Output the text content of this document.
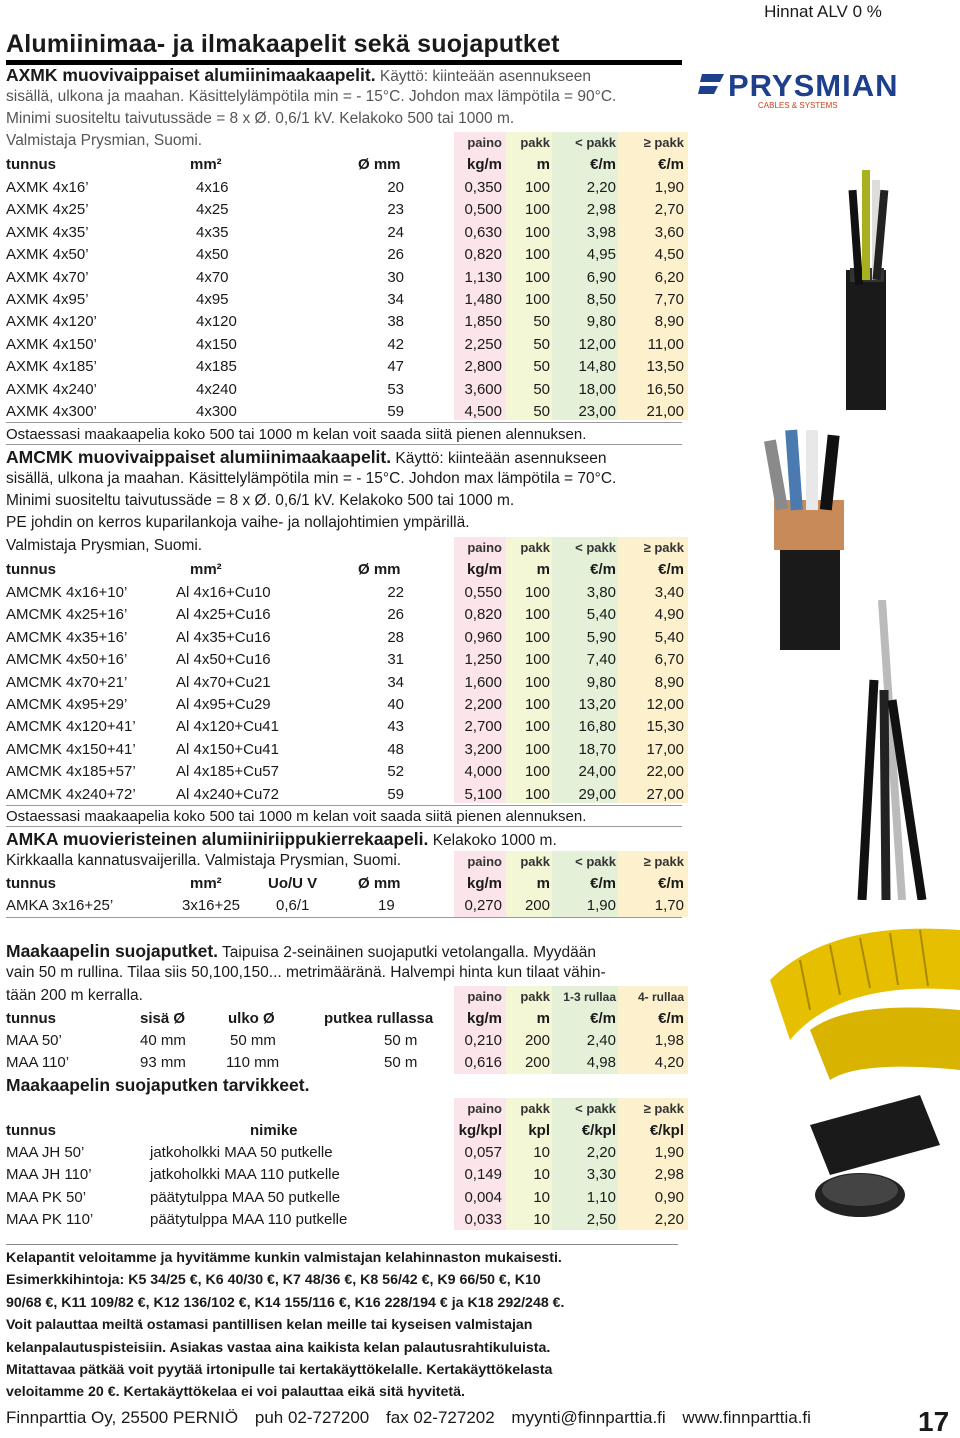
Hinnat ALV 0 %
PRYSMIAN
CABLES & SYSTEMS
Alumiinimaa- ja ilmakaapelit sekä suojaputket
AXMK muovivaippaiset alumiinimaakaapelit. Käyttö: kiinteään asennukseen
sisällä, ulkona ja maahan. Käsittelylämpötila min = - 15°C. Johdon max lämpötila = 90°C.
Minimi suositeltu taivutussäde = 8 x Ø. 0,6/1 kV. Kelakoko 500 tai 1000 m.
Valmistaja Prysmian, Suomi.	paino	pakk	< pakk	≥ pakk
tunnus	mm²	Ø mm	kg/m	m	€/m	€/m
AXMK 4x16’	4x16	20	0,350	100	2,20	1,90
AXMK 4x25’	4x25	23	0,500	100	2,98	2,70
AXMK 4x35’	4x35	24	0,630	100	3,98	3,60
AXMK 4x50’	4x50	26	0,820	100	4,95	4,50
AXMK 4x70’	4x70	30	1,130	100	6,90	6,20
AXMK 4x95’	4x95	34	1,480	100	8,50	7,70
AXMK 4x120’	4x120	38	1,850	50	9,80	8,90
AXMK 4x150’	4x150	42	2,250	50	12,00	11,00
AXMK 4x185’	4x185	47	2,800	50	14,80	13,50
AXMK 4x240’	4x240	53	3,600	50	18,00	16,50
AXMK 4x300’	4x300	59	4,500	50	23,00	21,00
Ostaessasi maakaapelia koko 500 tai 1000 m kelan voit saada siitä pienen alennuksen.
AMCMK muovivaippaiset alumiinimaakaapelit. Käyttö: kiinteään asennukseen
sisällä, ulkona ja maahan. Käsittelylämpötila min = - 15°C. Johdon max lämpötila = 70°C.
Minimi suositeltu taivutussäde = 8 x Ø. 0,6/1 kV. Kelakoko 500 tai 1000 m.
PE johdin on kerros kuparilankoja vaihe- ja nollajohtimien ympärillä.
Valmistaja Prysmian, Suomi.	paino	pakk	< pakk	≥ pakk
tunnus	mm²	Ø mm	kg/m	m	€/m	€/m
AMCMK 4x16+10’	Al 4x16+Cu10	22	0,550	100	3,80	3,40
AMCMK 4x25+16’	Al 4x25+Cu16	26	0,820	100	5,40	4,90
AMCMK 4x35+16’	Al 4x35+Cu16	28	0,960	100	5,90	5,40
AMCMK 4x50+16’	Al 4x50+Cu16	31	1,250	100	7,40	6,70
AMCMK 4x70+21’	Al 4x70+Cu21	34	1,600	100	9,80	8,90
AMCMK 4x95+29’	Al 4x95+Cu29	40	2,200	100	13,20	12,00
AMCMK 4x120+41’	Al 4x120+Cu41	43	2,700	100	16,80	15,30
AMCMK 4x150+41’	Al 4x150+Cu41	48	3,200	100	18,70	17,00
AMCMK 4x185+57’	Al 4x185+Cu57	52	4,000	100	24,00	22,00
AMCMK 4x240+72’	Al 4x240+Cu72	59	5,100	100	29,00	27,00
Ostaessasi maakaapelia koko 500 tai 1000 m kelan voit saada siitä pienen alennuksen.
AMKA muovieristeinen alumiiniriippukierrekaapeli. Kelakoko 1000 m.
Kirkkaalla kannatusvaijerilla. Valmistaja Prysmian, Suomi.	paino	pakk	< pakk	≥ pakk
tunnus	mm²	Uo/U V	Ø mm	kg/m	m	€/m	€/m
AMKA 3x16+25’	3x16+25 0,6/1	19	0,270	200	1,90	1,70
Maakaapelin suojaputket. Taipuisa 2-seinäinen suojaputki vetolangalla. Myydään
vain 50 m rullina. Tilaa siis 50,100,150... metrimääränä. Halvempi hinta kun tilaat vähin-
tään 200 m kerralla.	paino	pakk	1-3 rullaa	4- rullaa
tunnus	sisä Ø	ulko Ø	putkea rullassa	kg/m	m	€/m	€/m
MAA 50’	40 mm	50 mm	50 m	0,210	200	2,40	1,98
MAA 110’	93 mm	110 mm	50 m	0,616	200	4,98	4,20
Maakaapelin suojaputken tarvikkeet.
paino	pakk	< pakk	≥ pakk
tunnus	nimike	kg/kpl	kpl	€/kpl	€/kpl
MAA JH 50’	jatkoholkki MAA 50 putkelle	0,057	10	2,20	1,90
MAA JH 110’	jatkoholkki MAA 110 putkelle	0,149	10	3,30	2,98
MAA PK 50’	päätytulppa MAA 50 putkelle	0,004	10	1,10	0,90
MAA PK 110’	päätytulppa MAA 110 putkelle	0,033	10	2,50	2,20
Kelapantit veloitamme ja hyvitämme kunkin valmistajan kelahinnaston mukaisesti.
Esimerkkihintoja: K5 34/25 €, K6 40/30 €, K7 48/36 €, K8 56/42 €, K9 66/50 €, K10
90/68 €, K11 109/82 €, K12 136/102 €, K14 155/116 €, K16 228/194 € ja K18 292/248 €.
Voit palauttaa meiltä ostamasi pantillisen kelan meille tai kyseisen valmistajan
kelanpalautuspisteisiin. Asiakas vastaa aina kaikista kelan palautusrahtikuluista.
Mitattavaa pätkää voit pyytää irtonipulle tai kertakäyttökelalle. Kertakäyttökelasta
veloitamme 20 €. Kertakäyttökelaa ei voi palauttaa eikä sitä hyvitetä.
Finnparttia Oy, 25500 PERNIÖ puh 02-727200 fax 02-727202 myynti@finnparttia.fi www.finnparttia.fi	17
